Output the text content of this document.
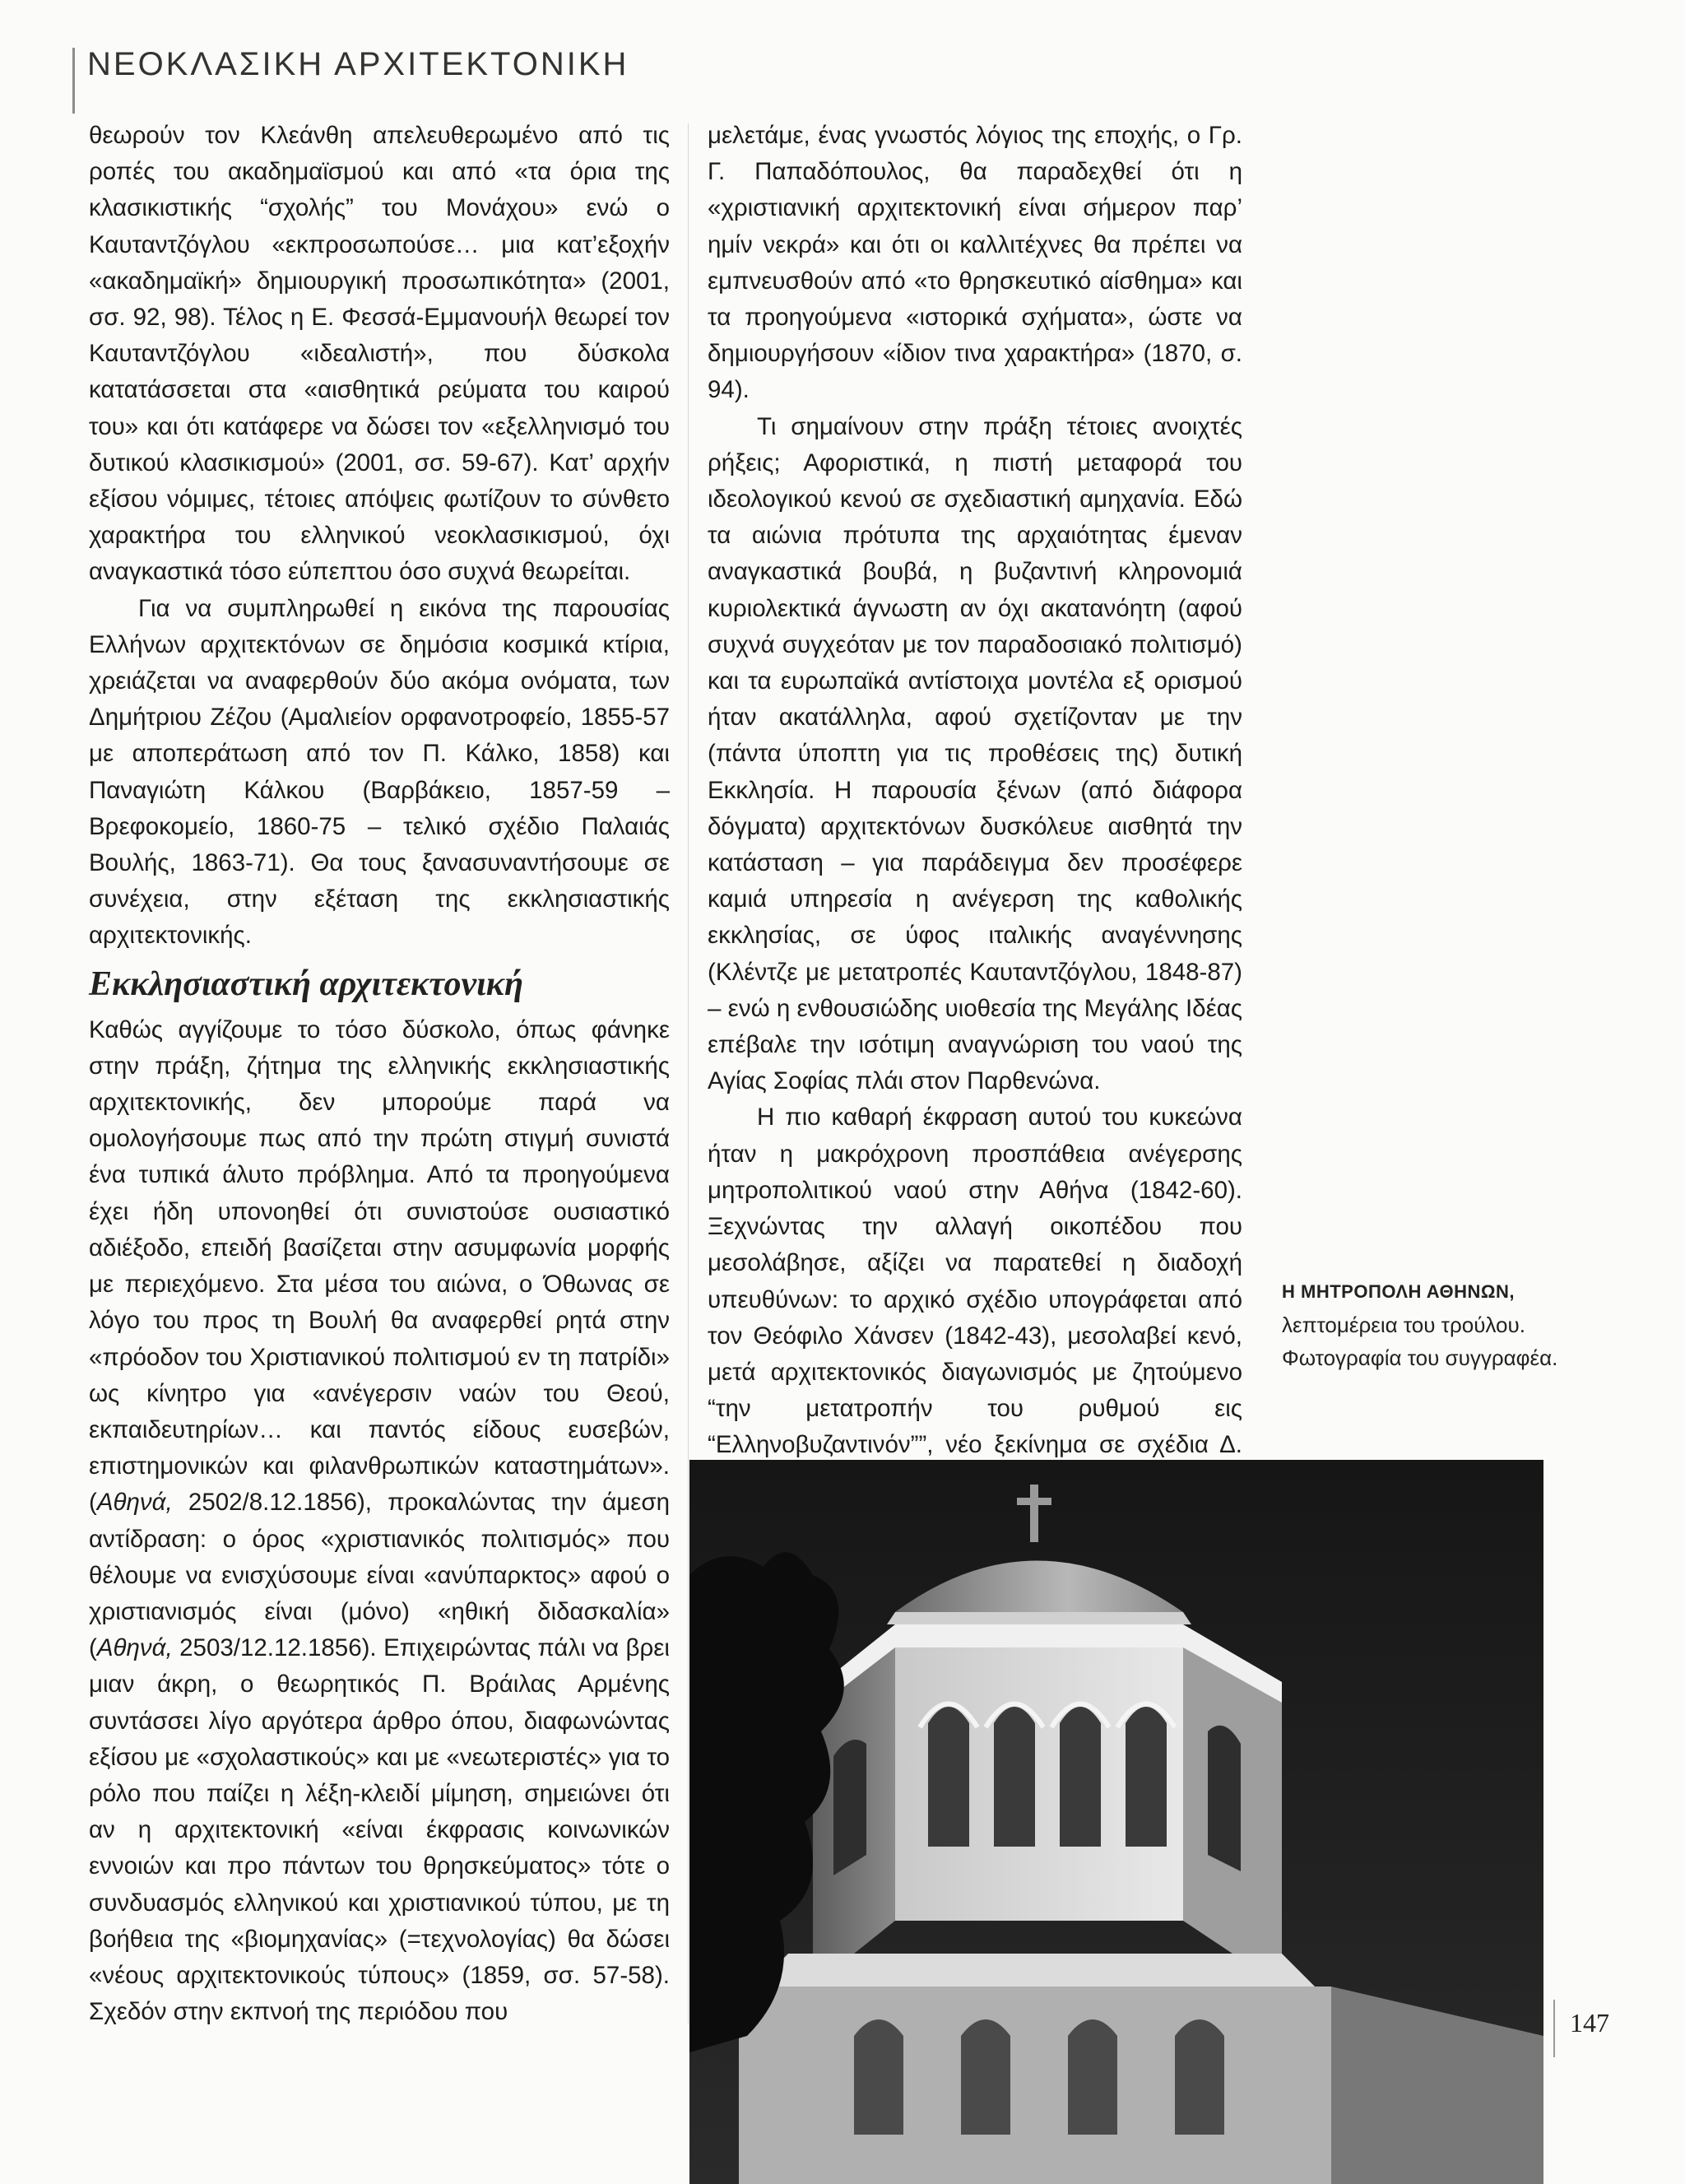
ΝΕΟΚΛΑΣΙΚΗ ΑΡΧΙΤΕΚΤΟΝΙΚΗ

θεωρούν τον Κλεάνθη απελευθερωμένο από τις ροπές του ακαδημαϊσμού και από «τα όρια της κλασικιστικής “σχολής” του Μονάχου» ενώ ο Καυταντζόγλου «εκπροσωπούσε… μια κατ’εξοχήν «ακαδημαϊκή» δημιουργική προσωπικότητα» (2001, σσ. 92, 98). Τέλος η Ε. Φεσσά-Εμμανουήλ θεωρεί τον Καυταντζόγλου «ιδεαλιστή», που δύσκολα κατατάσσεται στα «αισθητικά ρεύματα του καιρού του» και ότι κατάφερε να δώσει τον «εξελληνισμό του δυτικού κλασικισμού» (2001, σσ. 59-67). Κατ’ αρχήν εξίσου νόμιμες, τέτοιες απόψεις φωτίζουν το σύνθετο χαρακτήρα του ελληνικού νεοκλασικισμού, όχι αναγκαστικά τόσο εύπεπτου όσο συχνά θεωρείται.

Για να συμπληρωθεί η εικόνα της παρουσίας Ελλήνων αρχιτεκτόνων σε δημόσια κοσμικά κτίρια, χρειάζεται να αναφερθούν δύο ακόμα ονόματα, των Δημήτριου Ζέζου (Αμαλιείον ορφανοτροφείο, 1855-57 με αποπεράτωση από τον Π. Κάλκο, 1858) και Παναγιώτη Κάλκου (Βαρβάκειο, 1857-59 – Βρεφοκομείο, 1860-75 – τελικό σχέδιο Παλαιάς Βουλής, 1863-71). Θα τους ξανασυναντήσουμε σε συνέχεια, στην εξέταση της εκκλησιαστικής αρχιτεκτονικής.

Εκκλησιαστική αρχιτεκτονική

Καθώς αγγίζουμε το τόσο δύσκολο, όπως φάνηκε στην πράξη, ζήτημα της ελληνικής εκκλησιαστικής αρχιτεκτονικής, δεν μπορούμε παρά να ομολογήσουμε πως από την πρώτη στιγμή συνιστά ένα τυπικά άλυτο πρόβλημα. Από τα προηγούμενα έχει ήδη υπονοηθεί ότι συνιστούσε ουσιαστικό αδιέξοδο, επειδή βασίζεται στην ασυμφωνία μορφής με περιεχόμενο. Στα μέσα του αιώνα, ο Όθωνας σε λόγο του προς τη Βουλή θα αναφερθεί ρητά στην «πρόοδον του Χριστιανικού πολιτισμού εν τη πατρίδι» ως κίνητρο για «ανέγερσιν ναών του Θεού, εκπαιδευτηρίων… και παντός είδους ευσεβών, επιστημονικών και φιλανθρωπικών καταστημάτων». (Αθηνά, 2502/8.12.1856), προκαλώντας την άμεση αντίδραση: ο όρος «χριστιανικός πολιτισμός» που θέλουμε να ενισχύσουμε είναι «ανύπαρκτος» αφού ο χριστιανισμός είναι (μόνο) «ηθική διδασκαλία» (Αθηνά, 2503/12.12.1856). Επιχειρώντας πάλι να βρει μιαν άκρη, ο θεωρητικός Π. Βράιλας Αρμένης συντάσσει λίγο αργότερα άρθρο όπου, διαφωνώντας εξίσου με «σχολαστικούς» και με «νεωτεριστές» για το ρόλο που παίζει η λέξη-κλειδί μίμηση, σημειώνει ότι αν η αρχιτεκτονική «είναι έκφρασις κοινωνικών εννοιών και προ πάντων του θρησκεύματος» τότε ο συνδυασμός ελληνικού και χριστιανικού τύπου, με τη βοήθεια της «βιομηχανίας» (=τεχνολογίας) θα δώσει «νέους αρχιτεκτονικούς τύπους» (1859, σσ. 57-58). Σχεδόν στην εκπνοή της περιόδου που

μελετάμε, ένας γνωστός λόγιος της εποχής, ο Γρ. Γ. Παπαδόπουλος, θα παραδεχθεί ότι η «χριστιανική αρχιτεκτονική είναι σήμερον παρ’ ημίν νεκρά» και ότι οι καλλιτέχνες θα πρέπει να εμπνευσθούν από «το θρησκευτικό αίσθημα» και τα προηγούμενα «ιστορικά σχήματα», ώστε να δημιουργήσουν «ίδιον τινα χαρακτήρα» (1870, σ. 94).

Τι σημαίνουν στην πράξη τέτοιες ανοιχτές ρήξεις; Αφοριστικά, η πιστή μεταφορά του ιδεολογικού κενού σε σχεδιαστική αμηχανία. Εδώ τα αιώνια πρότυπα της αρχαιότητας έμεναν αναγκαστικά βουβά, η βυζαντινή κληρονομιά κυριολεκτικά άγνωστη αν όχι ακατανόητη (αφού συχνά συγχεόταν με τον παραδοσιακό πολιτισμό) και τα ευρωπαϊκά αντίστοιχα μοντέλα εξ ορισμού ήταν ακατάλληλα, αφού σχετίζονταν με την (πάντα ύποπτη για τις προθέσεις της) δυτική Εκκλησία. Η παρουσία ξένων (από διάφορα δόγματα) αρχιτεκτόνων δυσκόλευε αισθητά την κατάσταση – για παράδειγμα δεν προσέφερε καμιά υπηρεσία η ανέγερση της καθολικής εκκλησίας, σε ύφος ιταλικής αναγέννησης (Κλέντζε με μετατροπές Καυταντζόγλου, 1848-87) – ενώ η ενθουσιώδης υιοθεσία της Μεγάλης Ιδέας επέβαλε την ισότιμη αναγνώριση του ναού της Αγίας Σοφίας πλάι στον Παρθενώνα.

Η πιο καθαρή έκφραση αυτού του κυκεώνα ήταν η μακρόχρονη προσπάθεια ανέγερσης μητροπολιτικού ναού στην Αθήνα (1842-60). Ξεχνώντας την αλλαγή οικοπέδου που μεσολάβησε, αξίζει να παρατεθεί η διαδοχή υπευθύνων: το αρχικό σχέδιο υπογράφεται από τον Θεόφιλο Χάνσεν (1842-43), μεσολαβεί κενό, μετά αρχιτεκτονικός διαγωνισμός με ζητούμενο “την μετατροπήν του ρυθμού εις “Ελληνοβυζαντινόν””, νέο ξεκίνημα σε σχέδια Δ.

Η ΜΗΤΡΟΠΟΛΗ ΑΘΗΝΩΝ,
λεπτομέρεια του τρούλου.
Φωτογραφία του συγγραφέα.
147
